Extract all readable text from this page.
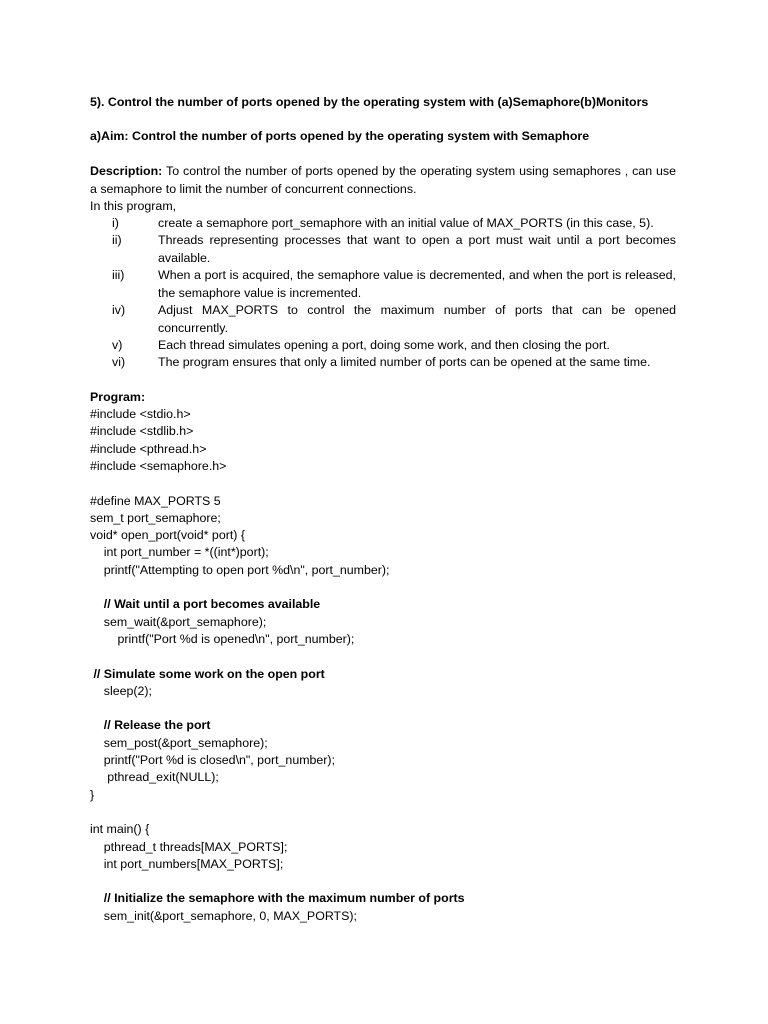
5). Control the number of ports opened by the operating system with (a)Semaphore(b)Monitors
a)Aim: Control the number of ports opened by the operating system with Semaphore
Description: To control the number of ports opened by the operating system using semaphores , can use a semaphore to limit the number of concurrent connections.
In this program,
i)	create a semaphore port_semaphore with an initial value of MAX_PORTS (in this case, 5).
ii)	Threads representing processes that want to open a port must wait until a port becomes available.
iii)	When a port is acquired, the semaphore value is decremented, and when the port is released, the semaphore value is incremented.
iv)	Adjust MAX_PORTS to control the maximum number of ports that can be opened concurrently.
v)	Each thread simulates opening a port, doing some work, and then closing the port.
vi)	The program ensures that only a limited number of ports can be opened at the same time.
Program:
#include <stdio.h>
#include <stdlib.h>
#include <pthread.h>
#include <semaphore.h>
#define MAX_PORTS 5
sem_t port_semaphore;
void* open_port(void* port) {
int port_number = *((int*)port);
printf("Attempting to open port %d\n", port_number);
// Wait until a port becomes available
sem_wait(&port_semaphore);
printf("Port %d is opened\n", port_number);
// Simulate some work on the open port
sleep(2);
// Release the port
sem_post(&port_semaphore);
printf("Port %d is closed\n", port_number);
pthread_exit(NULL);
}
int main() {
pthread_t threads[MAX_PORTS];
int port_numbers[MAX_PORTS];
// Initialize the semaphore with the maximum number of ports
sem_init(&port_semaphore, 0, MAX_PORTS);
